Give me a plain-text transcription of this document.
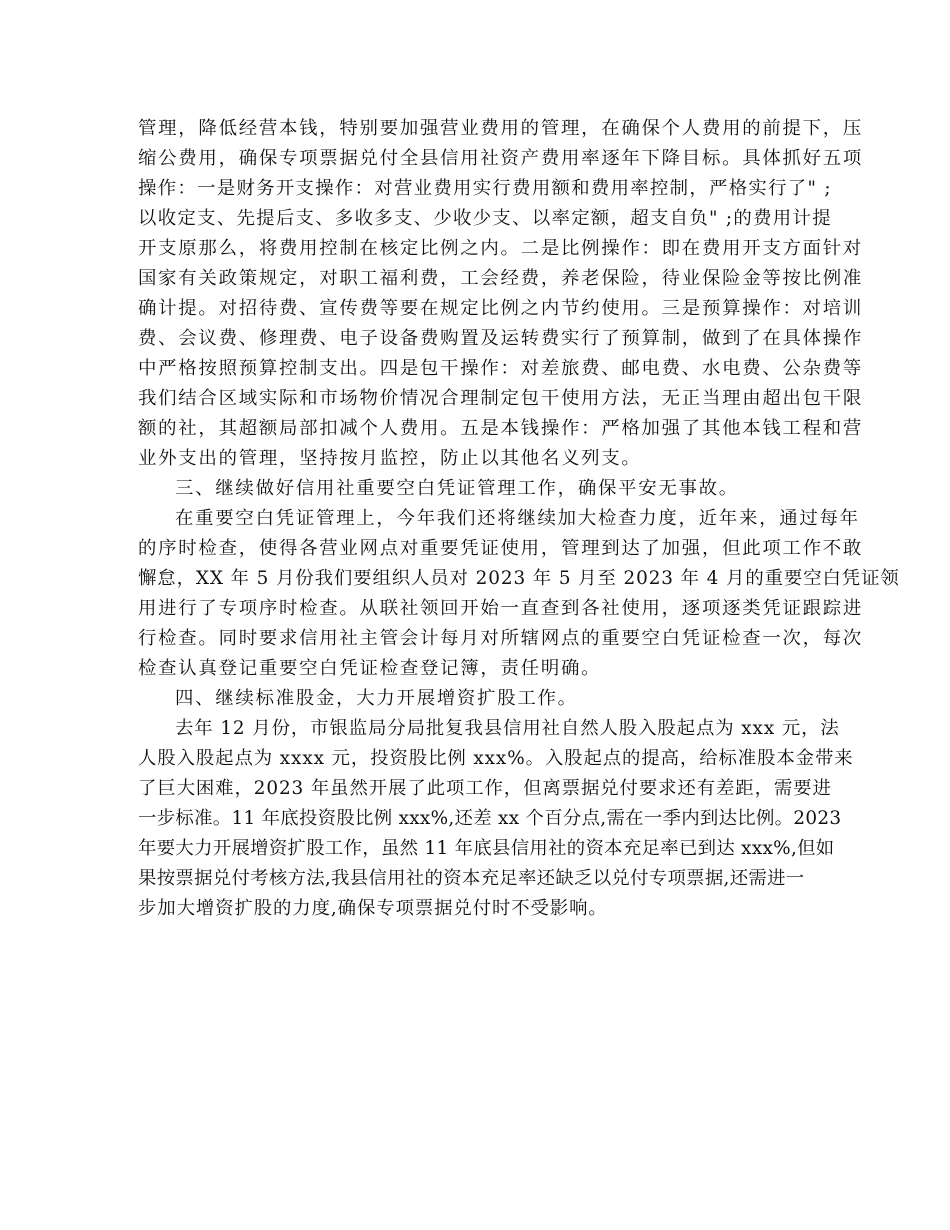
管理，降低经营本钱，特别要加强营业费用的管理，在确保个人费用的前提下，压
缩公费用，确保专项票据兑付全县信用社资产费用率逐年下降目标。具体抓好五项
操作：一是财务开支操作：对营业费用实行费用额和费用率控制，严格实行了" ;
以收定支、先提后支、多收多支、少收少支、以率定额，超支自负" ;的费用计提
开支原那么，将费用控制在核定比例之内。二是比例操作：即在费用开支方面针对
国家有关政策规定，对职工福利费，工会经费，养老保险，待业保险金等按比例准
确计提。对招待费、宣传费等要在规定比例之内节约使用。三是预算操作：对培训
费、会议费、修理费、电子设备费购置及运转费实行了预算制，做到了在具体操作
中严格按照预算控制支出。四是包干操作：对差旅费、邮电费、水电费、公杂费等
我们结合区域实际和市场物价情况合理制定包干使用方法，无正当理由超出包干限
额的社，其超额局部扣减个人费用。五是本钱操作：严格加强了其他本钱工程和营
业外支出的管理，坚持按月监控，防止以其他名义列支。
三、继续做好信用社重要空白凭证管理工作，确保平安无事故。
在重要空白凭证管理上，今年我们还将继续加大检查力度，近年来，通过每年
的序时检查，使得各营业网点对重要凭证使用，管理到达了加强，但此项工作不敢
懈怠，XX 年 5 月份我们要组织人员对 2023 年 5 月至 2023 年 4 月的重要空白凭证领
用进行了专项序时检查。从联社领回开始一直查到各社使用，逐项逐类凭证跟踪进
行检查。同时要求信用社主管会计每月对所辖网点的重要空白凭证检查一次，每次
检查认真登记重要空白凭证检查登记簿，责任明确。
四、继续标准股金，大力开展增资扩股工作。
去年 12 月份，市银监局分局批复我县信用社自然人股入股起点为 xxx 元，法
人股入股起点为 xxxx 元，投资股比例 xxx%。入股起点的提高，给标准股本金带来
了巨大困难，2023 年虽然开展了此项工作，但离票据兑付要求还有差距，需要进
一步标准。11 年底投资股比例 xxx%,还差 xx 个百分点,需在一季内到达比例。2023
年要大力开展增资扩股工作，虽然 11 年底县信用社的资本充足率已到达 xxx%,但如
果按票据兑付考核方法,我县信用社的资本充足率还缺乏以兑付专项票据,还需进一
步加大增资扩股的力度,确保专项票据兑付时不受影响。
